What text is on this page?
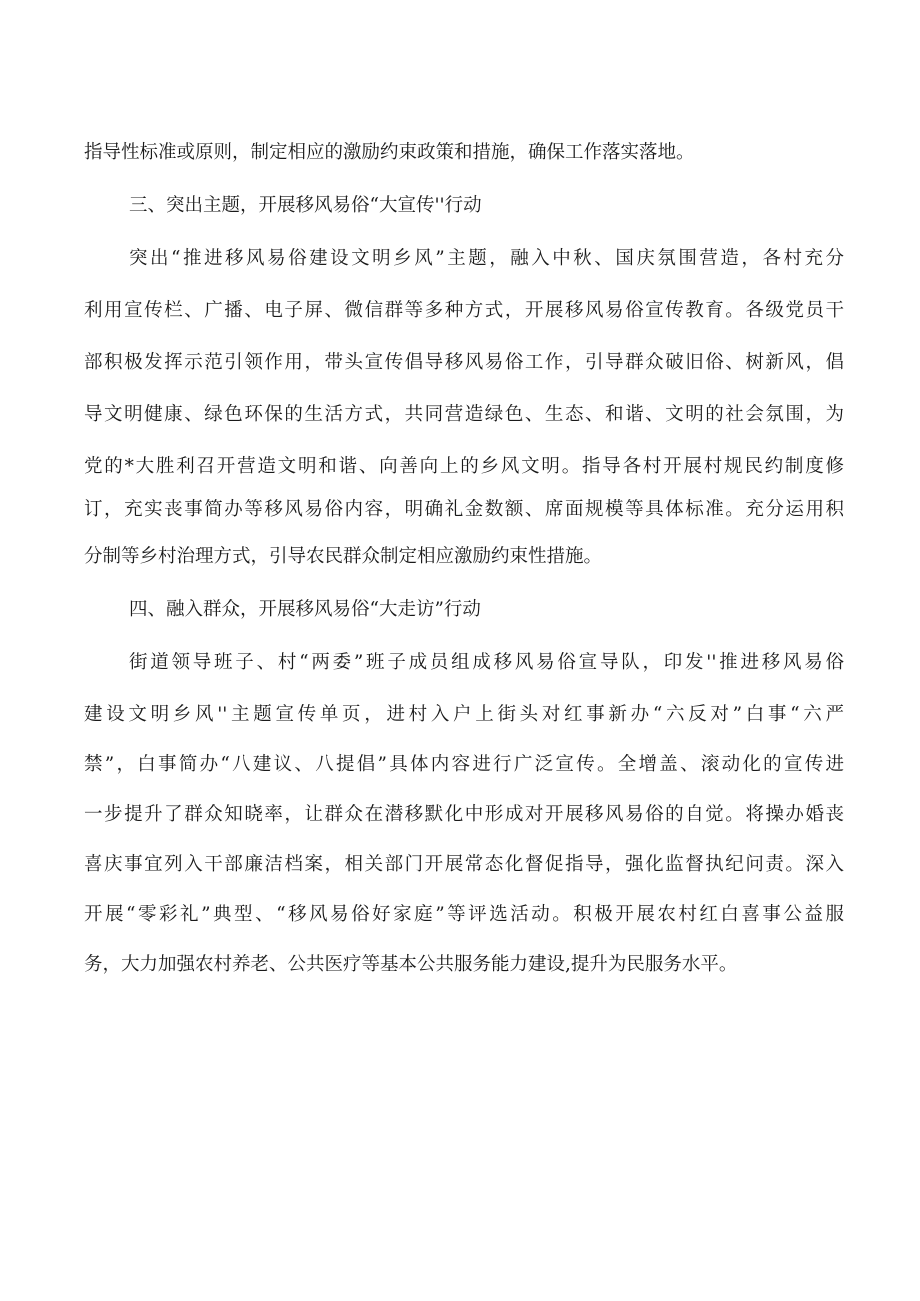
指导性标准或原则，制定相应的激励约束政策和措施，确保工作落实落地。
三、突出主题，开展移风易俗“大宣传''行动
突出“推进移风易俗建设文明乡风”主题，融入中秋、国庆氛围营造，各村充分
利用宣传栏、广播、电子屏、微信群等多种方式，开展移风易俗宣传教育。各级党员干
部积极发挥示范引领作用，带头宣传倡导移风易俗工作，引导群众破旧俗、树新风，倡
导文明健康、绿色环保的生活方式，共同营造绿色、生态、和谐、文明的社会氛围，为
党的*大胜利召开营造文明和谐、向善向上的乡风文明。指导各村开展村规民约制度修
订，充实丧事简办等移风易俗内容，明确礼金数额、席面规模等具体标准。充分运用积
分制等乡村治理方式，引导农民群众制定相应激励约束性措施。
四、融入群众，开展移风易俗“大走访”行动
街道领导班子、村“两委”班子成员组成移风易俗宣导队，印发''推进移风易俗
建设文明乡风''主题宣传单页，进村入户上街头对红事新办“六反对”白事“六严
禁”，白事简办“八建议、八提倡”具体内容进行广泛宣传。全增盖、滚动化的宣传进
一步提升了群众知晓率，让群众在潜移默化中形成对开展移风易俗的自觉。将操办婚丧
喜庆事宜列入干部廉洁档案，相关部门开展常态化督促指导，强化监督执纪问责。深入
开展“零彩礼”典型、“移风易俗好家庭”等评选活动。积极开展农村红白喜事公益服
务，大力加强农村养老、公共医疗等基本公共服务能力建设,提升为民服务水平。
